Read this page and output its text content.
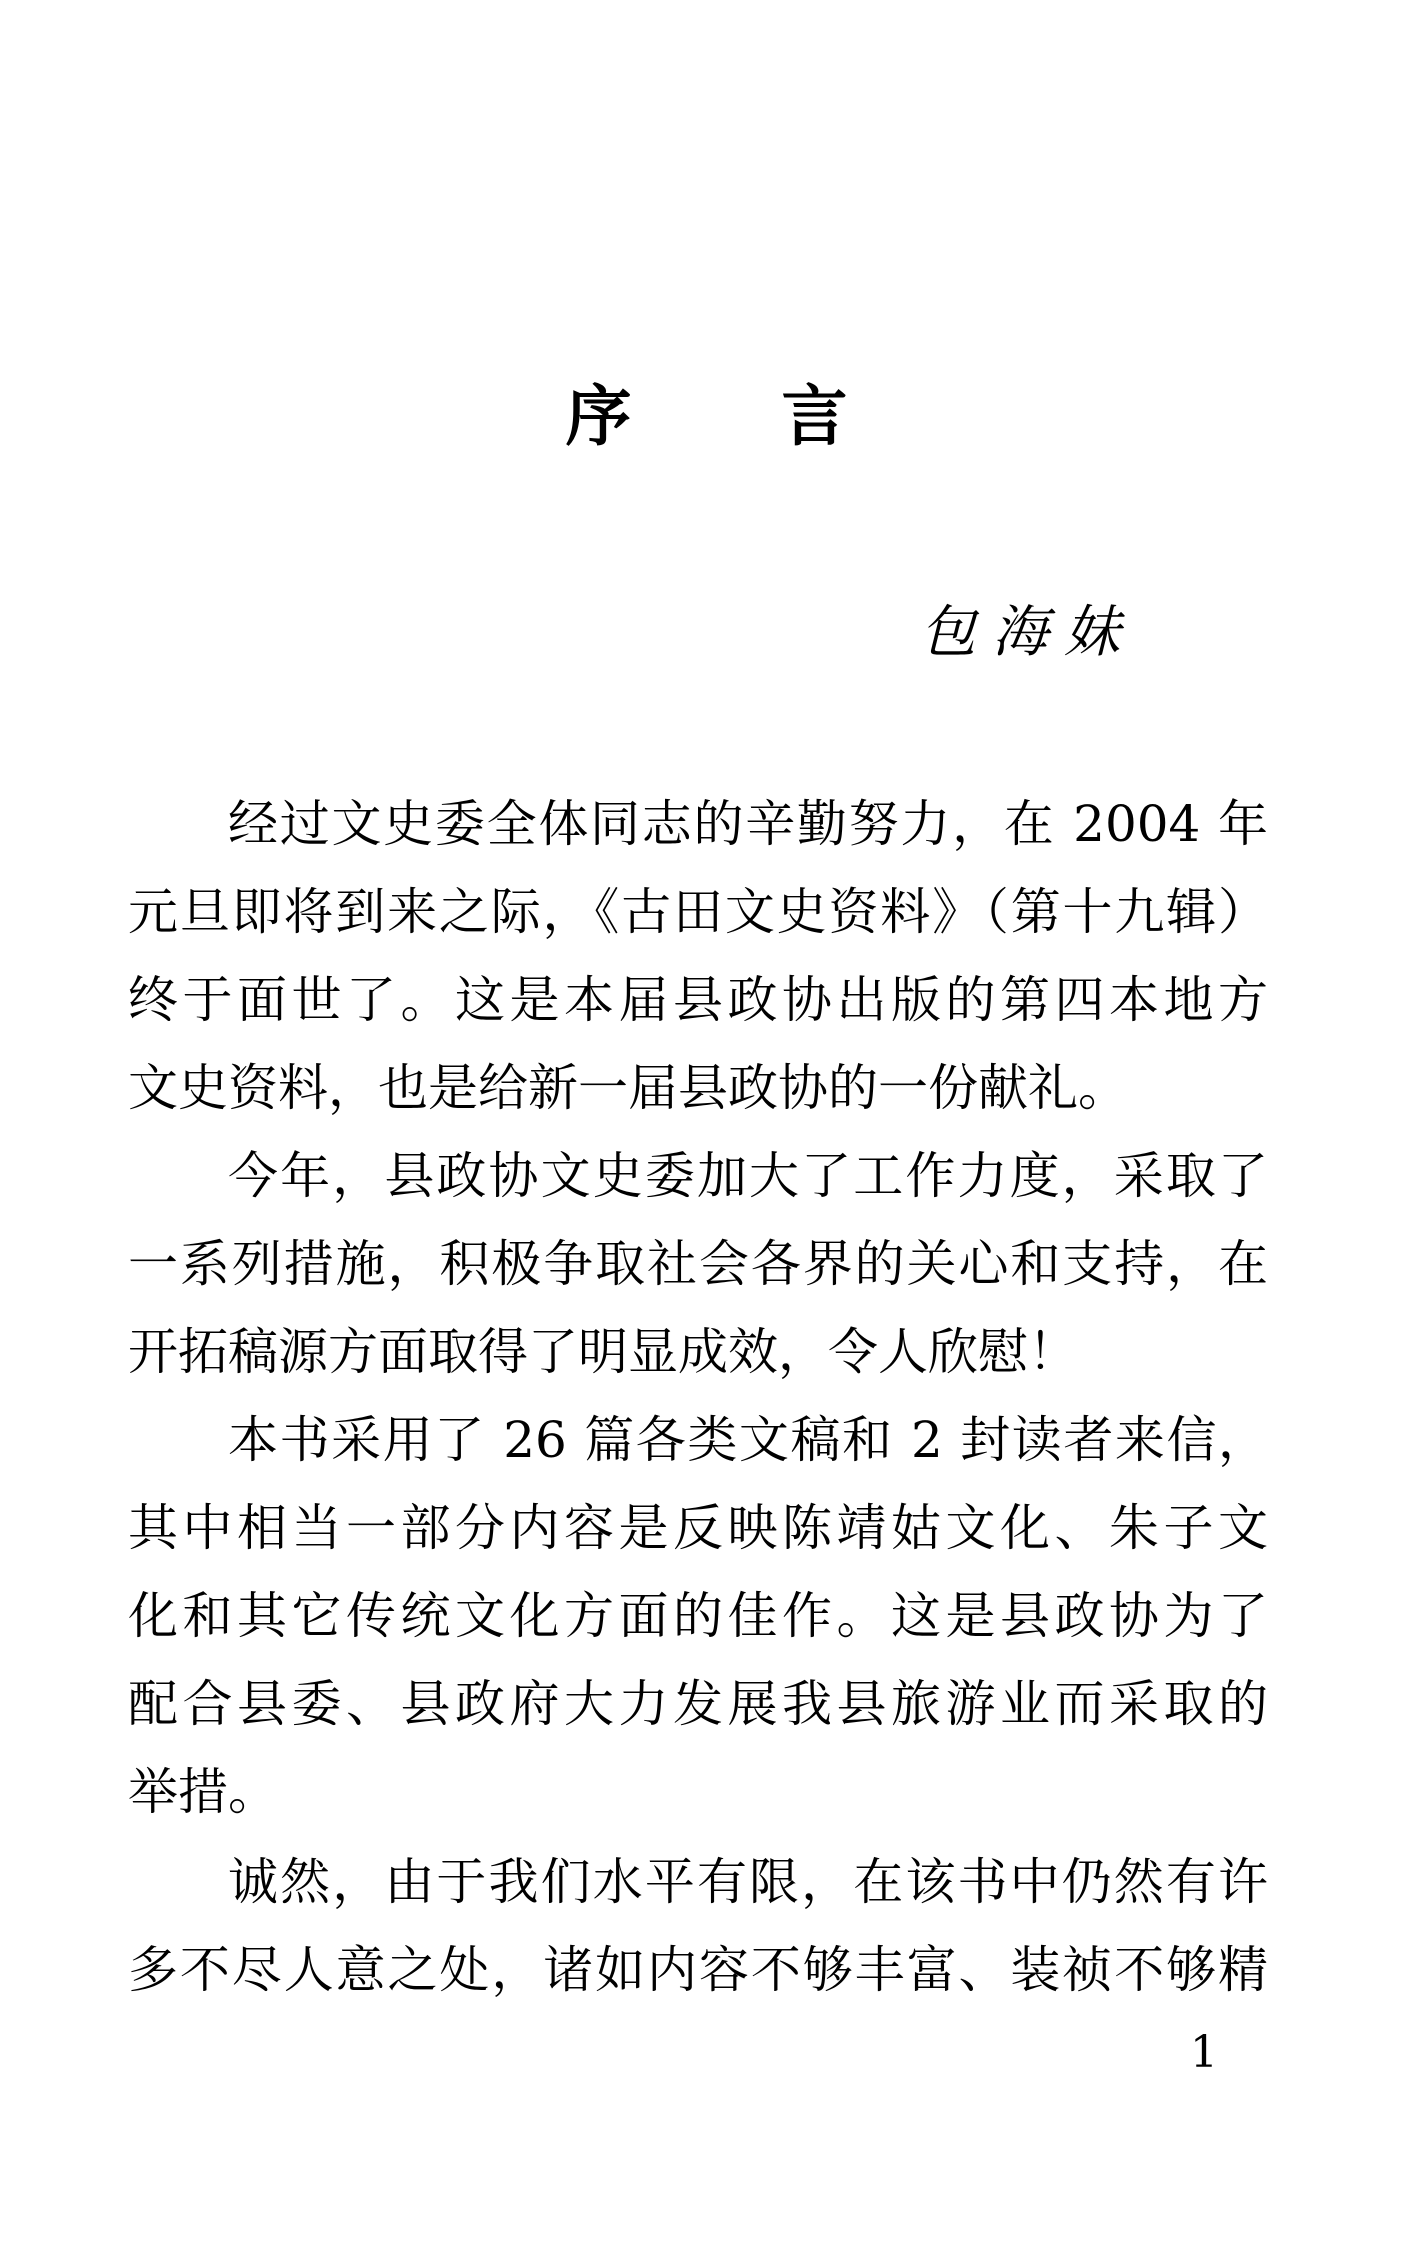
序 言
包海妹
经过文史委全体同志的辛勤努力，在 2004 年
元旦即将到来之际，《古田文史资料》（第十九辑）
终于面世了。这是本届县政协出版的第四本地方
文史资料，也是给新一届县政协的一份献礼。
今年，县政协文史委加大了工作力度，采取了
一系列措施，积极争取社会各界的关心和支持，在
开拓稿源方面取得了明显成效，令人欣慰！
本书采用了 26 篇各类文稿和 2 封读者来信，
其中相当一部分内容是反映陈靖姑文化、朱子文
化和其它传统文化方面的佳作。这是县政协为了
配合县委、县政府大力发展我县旅游业而采取的
举措。
诚然，由于我们水平有限，在该书中仍然有许
多不尽人意之处，诸如内容不够丰富、装祯不够精
1
